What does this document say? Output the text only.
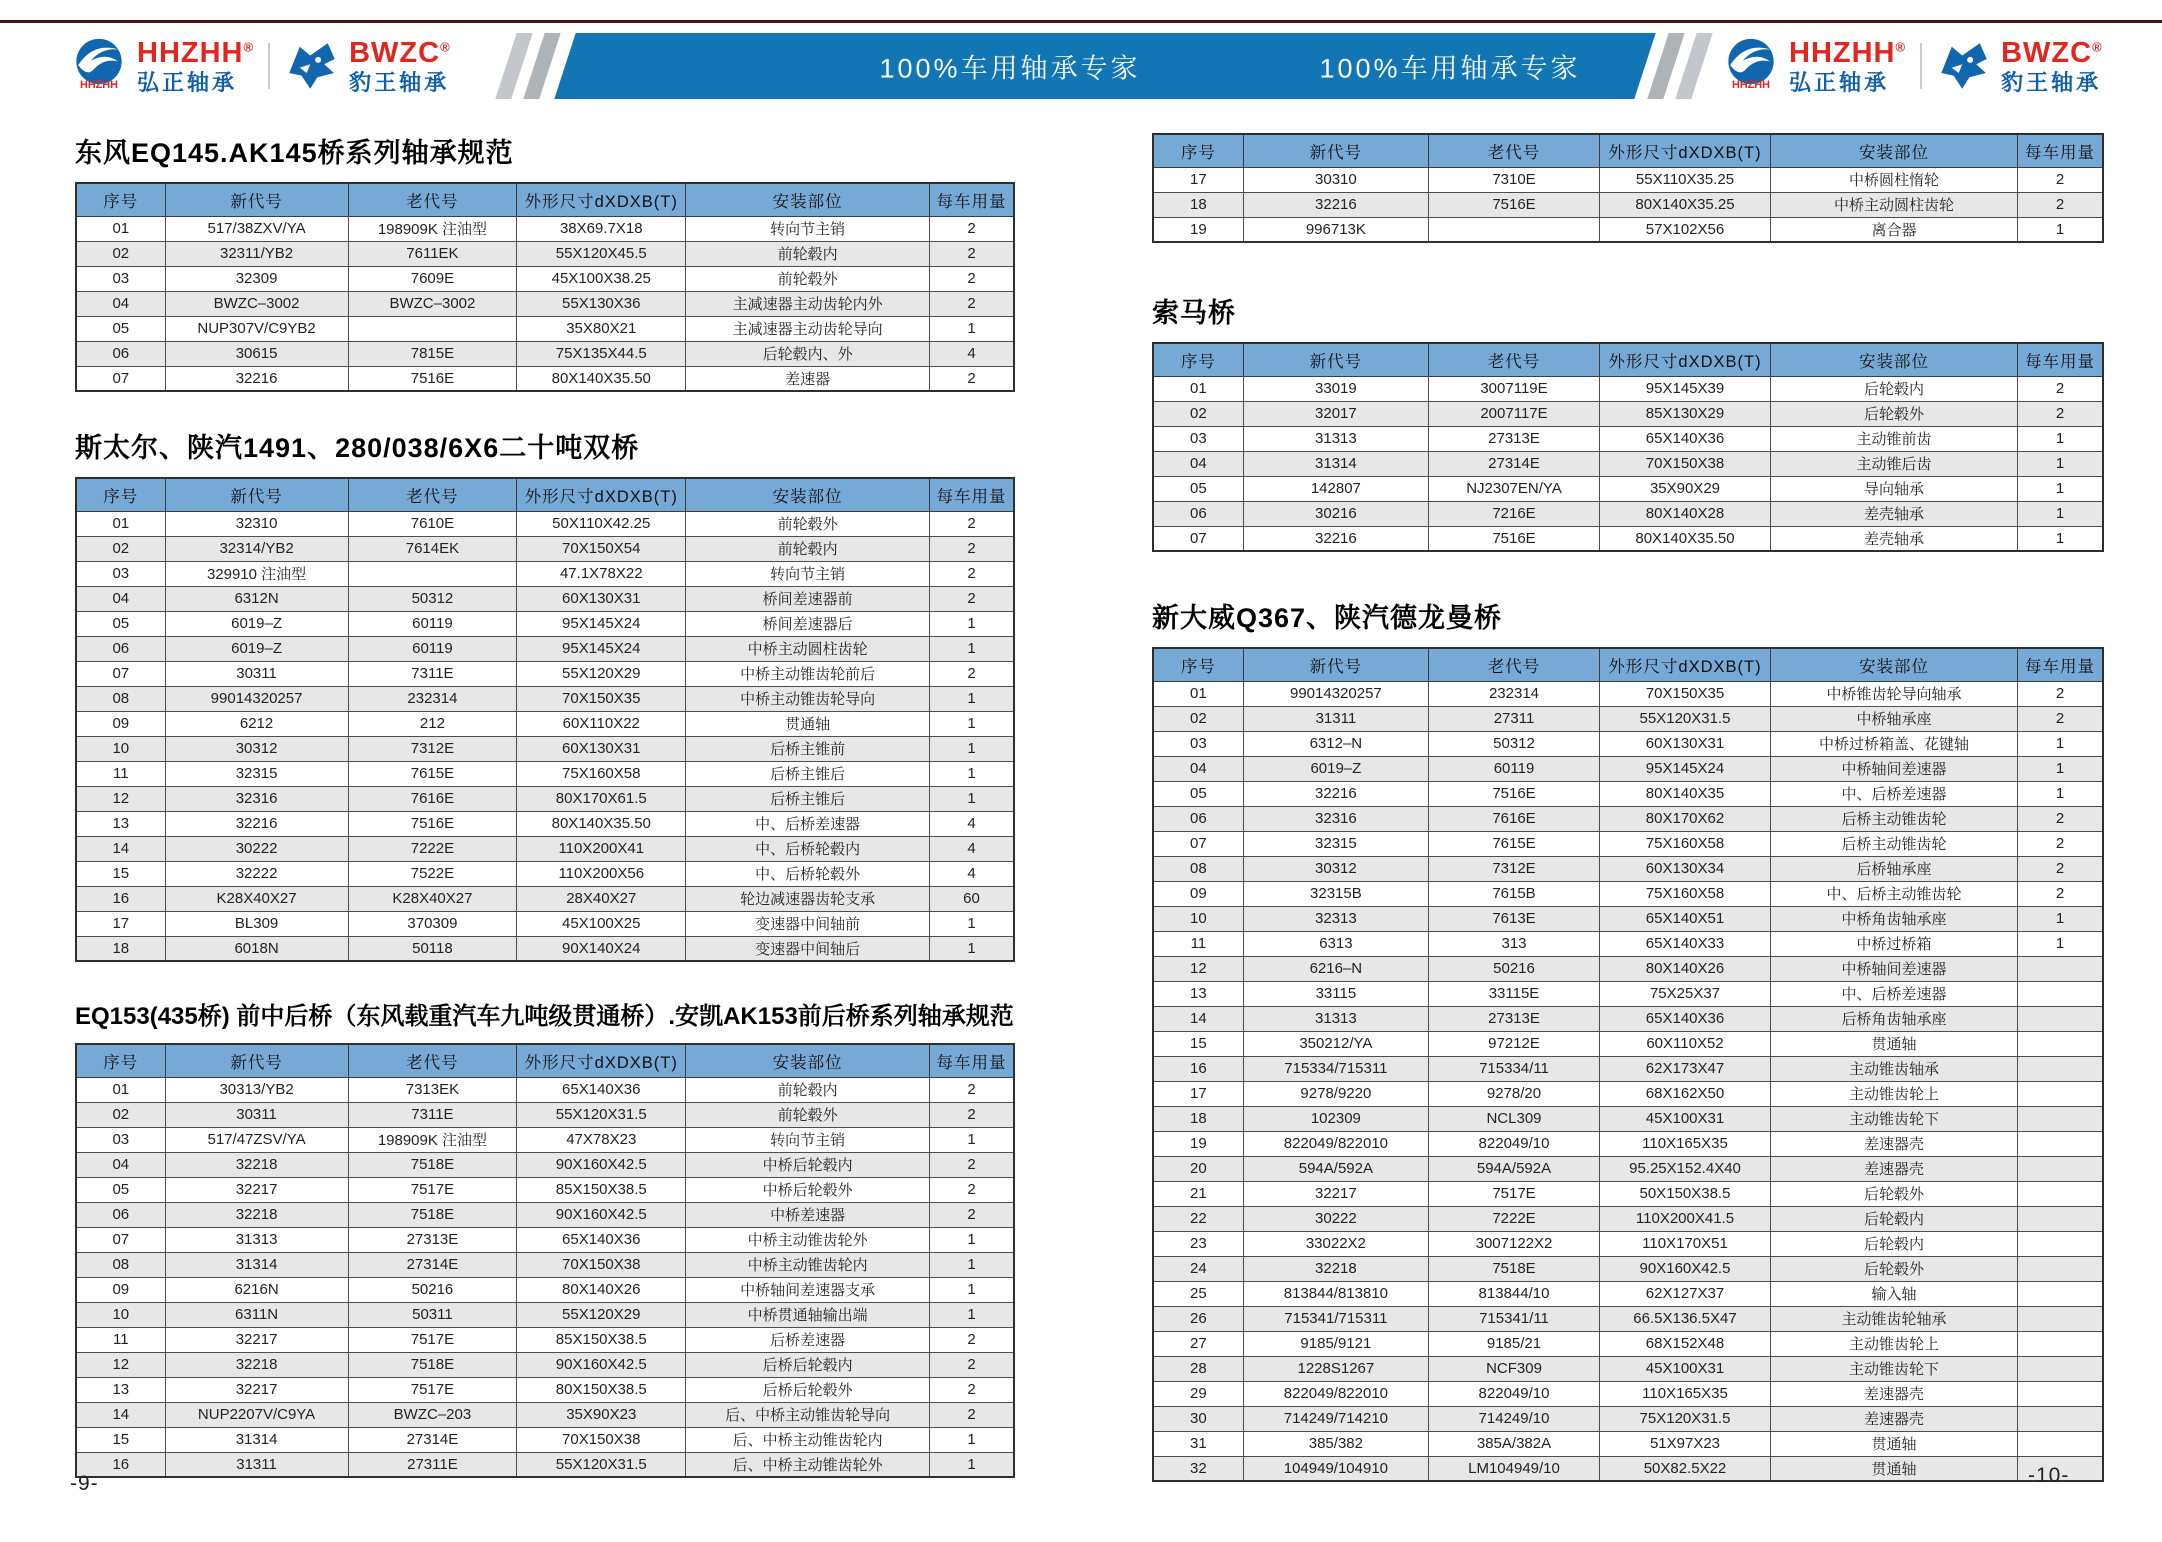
100%车用轴承专家	100%车用轴承专家
HHZHH
HHZHH®
弘正轴承
BWZC®
豹王轴承	HHZHH
HHZHH®
弘正轴承
BWZC®
豹王轴承
东风EQ145.AK145桥系列轴承规范
序号	新代号	老代号	外形尺寸dXDXB(T)	安装部位	每车用量
01	517/38ZXV/YA	198909K 注油型	38X69.7X18	转向节主销	2
02	32311/YB2	7611EK	55X120X45.5	前轮毂内	2
03	32309	7609E	45X100X38.25	前轮毂外	2
04	BWZC–3002	BWZC–3002	55X130X36	主减速器主动齿轮内外	2
05	NUP307V/C9YB2		35X80X21	主减速器主动齿轮导向	1
06	30615	7815E	75X135X44.5	后轮毂内、外	4
07	32216	7516E	80X140X35.50	差速器	2
斯太尔、陕汽1491、280/038/6X6二十吨双桥
序号	新代号	老代号	外形尺寸dXDXB(T)	安装部位	每车用量
01	32310	7610E	50X110X42.25	前轮毂外	2
02	32314/YB2	7614EK	70X150X54	前轮毂内	2
03	329910 注油型		47.1X78X22	转向节主销	2
04	6312N	50312	60X130X31	桥间差速器前	2
05	6019–Z	60119	95X145X24	桥间差速器后	1
06	6019–Z	60119	95X145X24	中桥主动圆柱齿轮	1
07	30311	7311E	55X120X29	中桥主动锥齿轮前后	2
08	99014320257	232314	70X150X35	中桥主动锥齿轮导向	1
09	6212	212	60X110X22	贯通轴	1
10	30312	7312E	60X130X31	后桥主锥前	1
11	32315	7615E	75X160X58	后桥主锥后	1
12	32316	7616E	80X170X61.5	后桥主锥后	1
13	32216	7516E	80X140X35.50	中、后桥差速器	4
14	30222	7222E	110X200X41	中、后桥轮毂内	4
15	32222	7522E	110X200X56	中、后桥轮毂外	4
16	K28X40X27	K28X40X27	28X40X27	轮边减速器齿轮支承	60
17	BL309	370309	45X100X25	变速器中间轴前	1
18	6018N	50118	90X140X24	变速器中间轴后	1
EQ153(435桥) 前中后桥（东风载重汽车九吨级贯通桥）.安凯AK153前后桥系列轴承规范
序号	新代号	老代号	外形尺寸dXDXB(T)	安装部位	每车用量
01	30313/YB2	7313EK	65X140X36	前轮毂内	2
02	30311	7311E	55X120X31.5	前轮毂外	2
03	517/47ZSV/YA	198909K 注油型	47X78X23	转向节主销	1
04	32218	7518E	90X160X42.5	中桥后轮毂内	2
05	32217	7517E	85X150X38.5	中桥后轮毂外	2
06	32218	7518E	90X160X42.5	中桥差速器	2
07	31313	27313E	65X140X36	中桥主动锥齿轮外	1
08	31314	27314E	70X150X38	中桥主动锥齿轮内	1
09	6216N	50216	80X140X26	中桥轴间差速器支承	1
10	6311N	50311	55X120X29	中桥贯通轴输出端	1
11	32217	7517E	85X150X38.5	后桥差速器	2
12	32218	7518E	90X160X42.5	后桥后轮毂内	2
13	32217	7517E	80X150X38.5	后桥后轮毂外	2
14	NUP2207V/C9YA	BWZC–203	35X90X23	后、中桥主动锥齿轮导向	2
15	31314	27314E	70X150X38	后、中桥主动锥齿轮内	1
16	31311	27311E	55X120X31.5	后、中桥主动锥齿轮外	1
序号	新代号	老代号	外形尺寸dXDXB(T)	安装部位	每车用量
17	30310	7310E	55X110X35.25	中桥圆柱惰轮	2
18	32216	7516E	80X140X35.25	中桥主动圆柱齿轮	2
19	996713K		57X102X56	离合器	1
索马桥
序号	新代号	老代号	外形尺寸dXDXB(T)	安装部位	每车用量
01	33019	3007119E	95X145X39	后轮毂内	2
02	32017	2007117E	85X130X29	后轮毂外	2
03	31313	27313E	65X140X36	主动锥前齿	1
04	31314	27314E	70X150X38	主动锥后齿	1
05	142807	NJ2307EN/YA	35X90X29	导向轴承	1
06	30216	7216E	80X140X28	差壳轴承	1
07	32216	7516E	80X140X35.50	差壳轴承	1
新大威Q367、陕汽德龙曼桥
序号	新代号	老代号	外形尺寸dXDXB(T)	安装部位	每车用量
01	99014320257	232314	70X150X35	中桥锥齿轮导向轴承	2
02	31311	27311	55X120X31.5	中桥轴承座	2
03	6312–N	50312	60X130X31	中桥过桥箱盖、花键轴	1
04	6019–Z	60119	95X145X24	中桥轴间差速器	1
05	32216	7516E	80X140X35	中、后桥差速器	1
06	32316	7616E	80X170X62	后桥主动锥齿轮	2
07	32315	7615E	75X160X58	后桥主动锥齿轮	2
08	30312	7312E	60X130X34	后桥轴承座	2
09	32315B	7615B	75X160X58	中、后桥主动锥齿轮	2
10	32313	7613E	65X140X51	中桥角齿轴承座	1
11	6313	313	65X140X33	中桥过桥箱	1
12	6216–N	50216	80X140X26	中桥轴间差速器	
13	33115	33115E	75X25X37	中、后桥差速器	
14	31313	27313E	65X140X36	后桥角齿轴承座	
15	350212/YA	97212E	60X110X52	贯通轴	
16	715334/715311	715334/11	62X173X47	主动锥齿轴承	
17	9278/9220	9278/20	68X162X50	主动锥齿轮上	
18	102309	NCL309	45X100X31	主动锥齿轮下	
19	822049/822010	822049/10	110X165X35	差速器壳	
20	594A/592A	594A/592A	95.25X152.4X40	差速器壳	
21	32217	7517E	50X150X38.5	后轮毂外	
22	30222	7222E	110X200X41.5	后轮毂内	
23	33022X2	3007122X2	110X170X51	后轮毂内	
24	32218	7518E	90X160X42.5	后轮毂外	
25	813844/813810	813844/10	62X127X37	输入轴	
26	715341/715311	715341/11	66.5X136.5X47	主动锥齿轮轴承	
27	9185/9121	9185/21	68X152X48	主动锥齿轮上	
28	1228S1267	NCF309	45X100X31	主动锥齿轮下	
29	822049/822010	822049/10	110X165X35	差速器壳	
30	714249/714210	714249/10	75X120X31.5	差速器壳	
31	385/382	385A/382A	51X97X23	贯通轴	
32	104949/104910	LM104949/10	50X82.5X22	贯通轴	
-9-	-10-
